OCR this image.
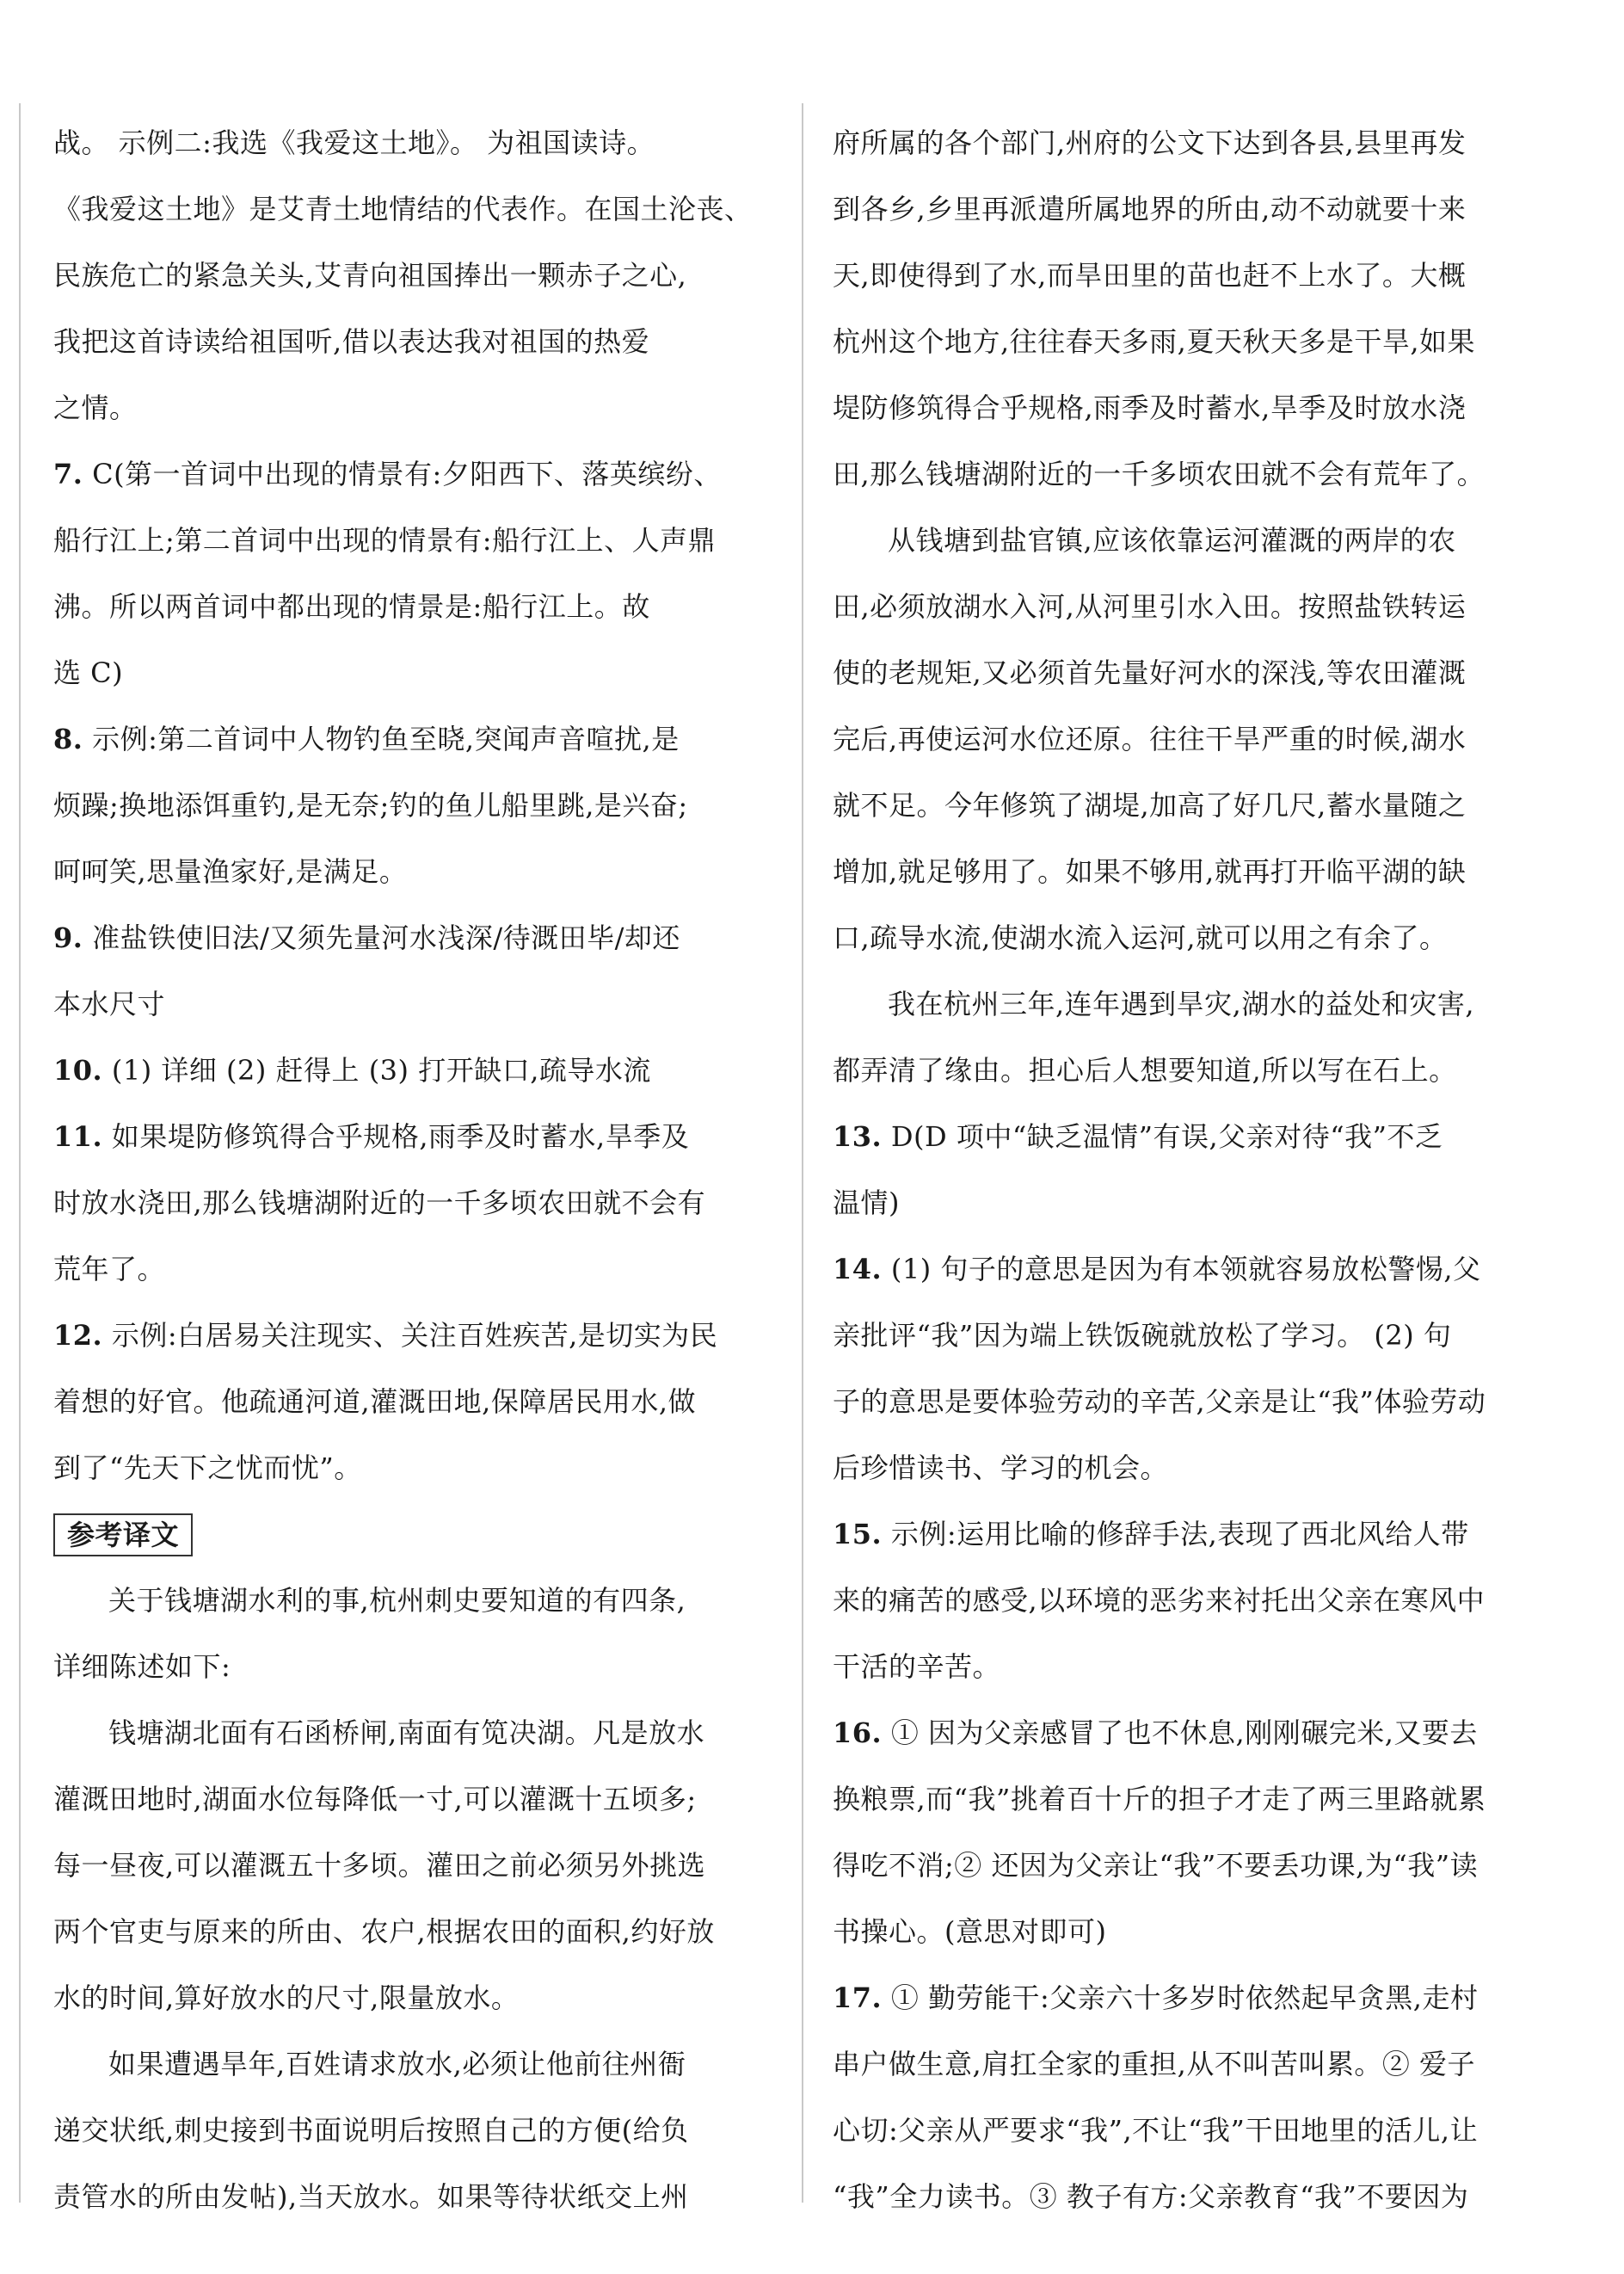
战。 示例二:我选《我爱这土地》。 为祖国读诗。
《我爱这土地》是艾青土地情结的代表作。在国土沦丧、
民族危亡的紧急关头,艾青向祖国捧出一颗赤子之心,
我把这首诗读给祖国听,借以表达我对祖国的热爱
之情。
7. C(第一首词中出现的情景有:夕阳西下、落英缤纷、
船行江上;第二首词中出现的情景有:船行江上、人声鼎
沸。所以两首词中都出现的情景是:船行江上。故
选 C)
8. 示例:第二首词中人物钓鱼至晓,突闻声音喧扰,是
烦躁;换地添饵重钓,是无奈;钓的鱼儿船里跳,是兴奋;
呵呵笑,思量渔家好,是满足。
9. 准盐铁使旧法/又须先量河水浅深/待溉田毕/却还
本水尺寸
10. (1) 详细 (2) 赶得上 (3) 打开缺口,疏导水流
11. 如果堤防修筑得合乎规格,雨季及时蓄水,旱季及
时放水浇田,那么钱塘湖附近的一千多顷农田就不会有
荒年了。
12. 示例:白居易关注现实、关注百姓疾苦,是切实为民
着想的好官。他疏通河道,灌溉田地,保障居民用水,做
到了“先天下之忧而忧”。
参考译文
关于钱塘湖水利的事,杭州刺史要知道的有四条,
详细陈述如下:
钱塘湖北面有石函桥闸,南面有笕决湖。凡是放水
灌溉田地时,湖面水位每降低一寸,可以灌溉十五顷多;
每一昼夜,可以灌溉五十多顷。灌田之前必须另外挑选
两个官吏与原来的所由、农户,根据农田的面积,约好放
水的时间,算好放水的尺寸,限量放水。
如果遭遇旱年,百姓请求放水,必须让他前往州衙
递交状纸,刺史接到书面说明后按照自己的方便(给负
责管水的所由发帖),当天放水。如果等待状纸交上州
府所属的各个部门,州府的公文下达到各县,县里再发
到各乡,乡里再派遣所属地界的所由,动不动就要十来
天,即使得到了水,而旱田里的苗也赶不上水了。大概
杭州这个地方,往往春天多雨,夏天秋天多是干旱,如果
堤防修筑得合乎规格,雨季及时蓄水,旱季及时放水浇
田,那么钱塘湖附近的一千多顷农田就不会有荒年了。
从钱塘到盐官镇,应该依靠运河灌溉的两岸的农
田,必须放湖水入河,从河里引水入田。按照盐铁转运
使的老规矩,又必须首先量好河水的深浅,等农田灌溉
完后,再使运河水位还原。往往干旱严重的时候,湖水
就不足。今年修筑了湖堤,加高了好几尺,蓄水量随之
增加,就足够用了。如果不够用,就再打开临平湖的缺
口,疏导水流,使湖水流入运河,就可以用之有余了。
我在杭州三年,连年遇到旱灾,湖水的益处和灾害,
都弄清了缘由。担心后人想要知道,所以写在石上。
13. D(D 项中“缺乏温情”有误,父亲对待“我”不乏
温情)
14. (1) 句子的意思是因为有本领就容易放松警惕,父
亲批评“我”因为端上铁饭碗就放松了学习。 (2) 句
子的意思是要体验劳动的辛苦,父亲是让“我”体验劳动
后珍惜读书、学习的机会。
15. 示例:运用比喻的修辞手法,表现了西北风给人带
来的痛苦的感受,以环境的恶劣来衬托出父亲在寒风中
干活的辛苦。
16. ① 因为父亲感冒了也不休息,刚刚碾完米,又要去
换粮票,而“我”挑着百十斤的担子才走了两三里路就累
得吃不消;② 还因为父亲让“我”不要丢功课,为“我”读
书操心。(意思对即可)
17. ① 勤劳能干:父亲六十多岁时依然起早贪黑,走村
串户做生意,肩扛全家的重担,从不叫苦叫累。② 爱子
心切:父亲从严要求“我”,不让“我”干田地里的活儿,让
“我”全力读书。③ 教子有方:父亲教育“我”不要因为
